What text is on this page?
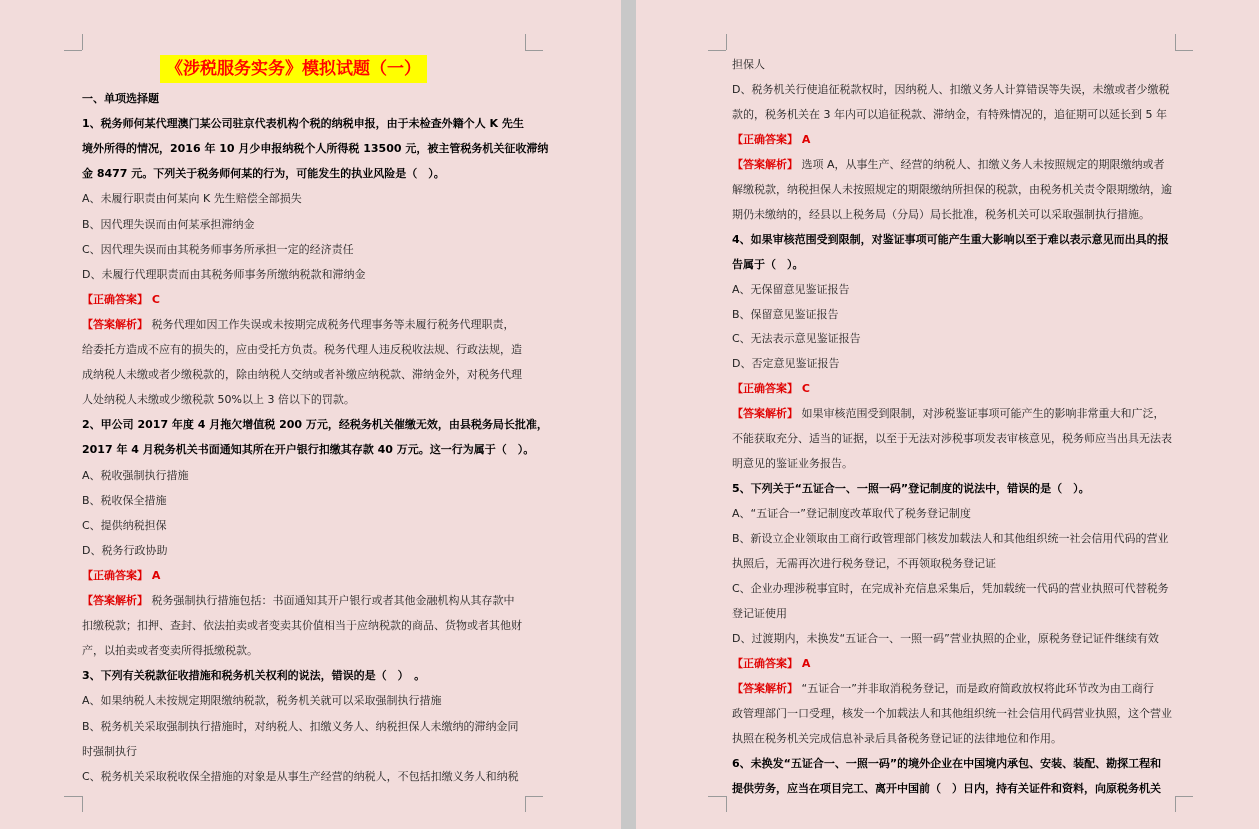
《涉税服务实务》模拟试题（一）
一、单项选择题
1、税务师何某代理澳门某公司驻京代表机构个税的纳税申报，由于未检查外籍个人 K 先生
境外所得的情况，2016 年 10 月少申报纳税个人所得税 13500 元，被主管税务机关征收滞纳
金 8477 元。下列关于税务师何某的行为，可能发生的执业风险是（　）。
A、未履行职责由何某向 K 先生赔偿全部损失
B、因代理失误而由何某承担滞纳金
C、因代理失误而由其税务师事务所承担一定的经济责任
D、未履行代理职责而由其税务师事务所缴纳税款和滞纳金
【正确答案】 C
【答案解析】 税务代理如因工作失误或未按期完成税务代理事务等未履行税务代理职责，
给委托方造成不应有的损失的，应由受托方负责。税务代理人违反税收法规、行政法规，造
成纳税人未缴或者少缴税款的，除由纳税人交纳或者补缴应纳税款、滞纳金外，对税务代理
人处纳税人未缴或少缴税款 50%以上 3 倍以下的罚款。
2、甲公司 2017 年度 4 月拖欠增值税 200 万元，经税务机关催缴无效，由县税务局长批准，
2017 年 4 月税务机关书面通知其所在开户银行扣缴其存款 40 万元。这一行为属于（　）。
A、税收强制执行措施
B、税收保全措施
C、提供纳税担保
D、税务行政协助
【正确答案】 A
【答案解析】 税务强制执行措施包括：书面通知其开户银行或者其他金融机构从其存款中
扣缴税款；扣押、查封、依法拍卖或者变卖其价值相当于应纳税款的商品、货物或者其他财
产，以拍卖或者变卖所得抵缴税款。
3、下列有关税款征收措施和税务机关权利的说法，错误的是（　）　。
A、如果纳税人未按规定期限缴纳税款，税务机关就可以采取强制执行措施
B、税务机关采取强制执行措施时，对纳税人、扣缴义务人、纳税担保人未缴纳的滞纳金同
时强制执行
C、税务机关采取税收保全措施的对象是从事生产经营的纳税人，不包括扣缴义务人和纳税
担保人
D、税务机关行使追征税款权时，因纳税人、扣缴义务人计算错误等失误，未缴或者少缴税
款的，税务机关在 3 年内可以追征税款、滞纳金，有特殊情况的，追征期可以延长到 5 年
【正确答案】 A
【答案解析】 选项 A，从事生产、经营的纳税人、扣缴义务人未按照规定的期限缴纳或者
解缴税款，纳税担保人未按照规定的期限缴纳所担保的税款，由税务机关责令限期缴纳，逾
期仍未缴纳的，经县以上税务局（分局）局长批准，税务机关可以采取强制执行措施。
4、如果审核范围受到限制，对鉴证事项可能产生重大影响以至于难以表示意见而出具的报
告属于（　）。
A、无保留意见鉴证报告
B、保留意见鉴证报告
C、无法表示意见鉴证报告
D、否定意见鉴证报告
【正确答案】 C
【答案解析】 如果审核范围受到限制，对涉税鉴证事项可能产生的影响非常重大和广泛，
不能获取充分、适当的证据，以至于无法对涉税事项发表审核意见，税务师应当出具无法表
明意见的鉴证业务报告。
5、下列关于“五证合一、一照一码”登记制度的说法中，错误的是（　）。
A、“五证合一”登记制度改革取代了税务登记制度
B、新设立企业领取由工商行政管理部门核发加载法人和其他组织统一社会信用代码的营业
执照后，无需再次进行税务登记，不再领取税务登记证
C、企业办理涉税事宜时，在完成补充信息采集后，凭加载统一代码的营业执照可代替税务
登记证使用
D、过渡期内，未换发“五证合一、一照一码”营业执照的企业，原税务登记证件继续有效
【正确答案】 A
【答案解析】 “五证合一”并非取消税务登记，而是政府简政放权将此环节改为由工商行
政管理部门一口受理，核发一个加载法人和其他组织统一社会信用代码营业执照，这个营业
执照在税务机关完成信息补录后具备税务登记证的法律地位和作用。
6、未换发“五证合一、一照一码”的境外企业在中国境内承包、安装、装配、勘探工程和
提供劳务，应当在项目完工、离开中国前（　）日内，持有关证件和资料，向原税务机关
